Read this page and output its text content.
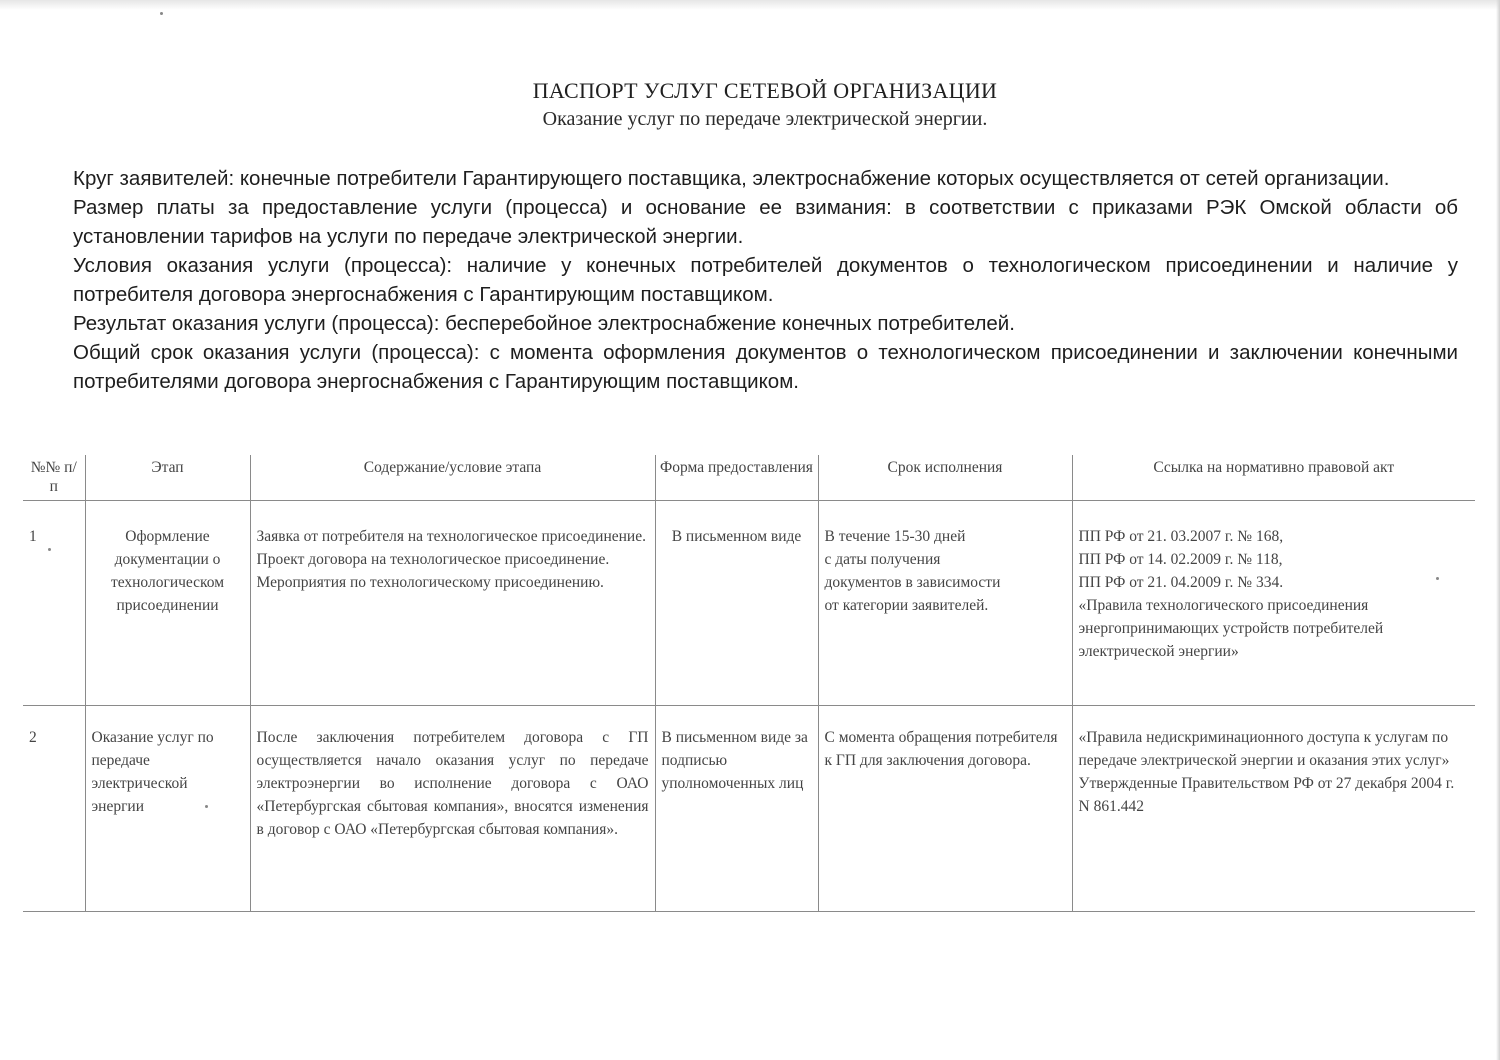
ПАСПОРТ УСЛУГ СЕТЕВОЙ ОРГАНИЗАЦИИ
Оказание услуг по передаче электрической энергии.

Круг заявителей: конечные потребители Гарантирующего поставщика, электроснабжение которых осуществляется от сетей организации.

Размер платы за предоставление услуги (процесса) и основание ее взимания: в соответствии с приказами РЭК Омской области об установлении тарифов на услуги по передаче электрической энергии.

Условия оказания услуги (процесса): наличие у конечных потребителей документов о технологическом присоединении и наличие у потребителя договора энергоснабжения с Гарантирующим поставщиком.

Результат оказания услуги (процесса): бесперебойное электроснабжение конечных потребителей.

Общий срок оказания услуги (процесса): с момента оформления документов о технологическом присоединении и заключении конечными потребителями договора энергоснабжения с Гарантирующим поставщиком.

№№ п/п	Этап	Содержание/условие этапа	Форма предоставления	Срок исполнения	Ссылка на нормативно правовой акт
1	Оформление документации о технологическом присоединении	Заявка от потребителя на технологическое присоединение.
Проект договора на технологическое присоединение.
Мероприятия по технологическому присоединению.	В письменном виде	В течение 15-30 дней
с даты получения
документов в зависимости
от категории заявителей.	ПП РФ от 21. 03.2007 г. № 168,
ПП РФ от 14. 02.2009 г. № 118,
ПП РФ от 21. 04.2009 г. № 334.
«Правила технологического присоединения энергопринимающих устройств потребителей электрической энергии»

2	Оказание услуг по передаче электрической энергии	После заключения потребителем договора с ГП осуществляется начало оказания услуг по передаче электроэнергии во исполнение договора с ОАО «Петербургская сбытовая компания», вносятся изменения в договор с ОАО «Петербургская сбытовая компания».	В письменном виде за подписью уполномоченных лиц	С момента обращения потребителя к ГП для заключения договора.	«Правила недискриминационного доступа к услугам по передаче электрической энергии и оказания этих услуг» Утвержденные Правительством РФ от 27 декабря 2004 г. N 861.442
